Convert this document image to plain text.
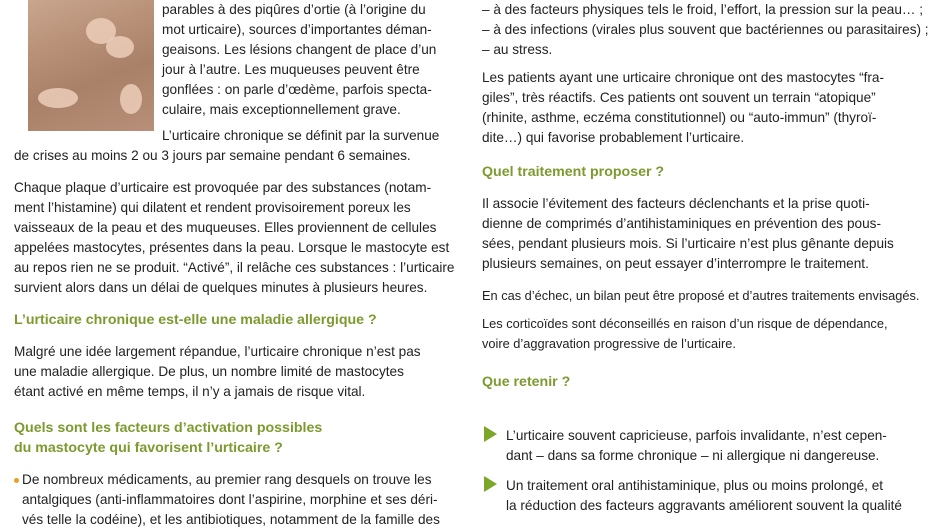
parables à des piqûres d’ortie (à l’origine du

mot urticaire), sources d’importantes déman-

geaisons. Les lésions changent de place d’un

jour à l’autre. Les muqueuses peuvent être

gonflées : on parle d’œdème, parfois specta-

culaire, mais exceptionnellement grave.

L’urticaire chronique se définit par la survenue

de crises au moins 2 ou 3 jours par semaine pendant 6 semaines.

Chaque plaque d’urticaire est provoquée par des substances (notam-

ment l’histamine) qui dilatent et rendent provisoirement poreux les

vaisseaux de la peau et des muqueuses. Elles proviennent de cellules

appelées mastocytes, présentes dans la peau. Lorsque le mastocyte est

au repos rien ne se produit. “Activé”, il relâche ces substances : l’urticaire

survient alors dans un délai de quelques minutes à plusieurs heures.

L’urticaire chronique est-elle une maladie allergique ?

Malgré une idée largement répandue, l’urticaire chronique n’est pas

une maladie allergique. De plus, un nombre limité de mastocytes

étant activé en même temps, il n’y a jamais de risque vital.

Quels sont les facteurs d’activation possibles

du mastocyte qui favorisent l’urticaire ?

De nombreux médicaments, au premier rang desquels on trouve les

antalgiques (anti-inflammatoires dont l’aspirine, morphine et ses déri-

vés telle la codéine), et les antibiotiques, notamment de la famille des

– à des facteurs physiques tels le froid, l’effort, la pression sur la peau… ;

– à des infections (virales plus souvent que bactériennes ou parasitaires) ;

– au stress.

Les patients ayant une urticaire chronique ont des mastocytes “fra-

giles”, très réactifs. Ces patients ont souvent un terrain “atopique”

(rhinite, asthme, eczéma constitutionnel) ou “auto-immun” (thyroï-

dite…) qui favorise probablement l’urticaire.

Quel traitement proposer ?

Il associe l’évitement des facteurs déclenchants et la prise quoti-

dienne de comprimés d’antihistaminiques en prévention des pous-

sées, pendant plusieurs mois. Si l’urticaire n’est plus gênante depuis

plusieurs semaines, on peut essayer d’interrompre le traitement.

En cas d’échec, un bilan peut être proposé et d’autres traitements envisagés.

Les corticoïdes sont déconseillés en raison d’un risque de dépendance,

voire d’aggravation progressive de l’urticaire.

Que retenir ?

L’urticaire souvent capricieuse, parfois invalidante, n’est cepen-

dant – dans sa forme chronique – ni allergique ni dangereuse.

Un traitement oral antihistaminique, plus ou moins prolongé, et

la réduction des facteurs aggravants améliorent souvent la qualité
